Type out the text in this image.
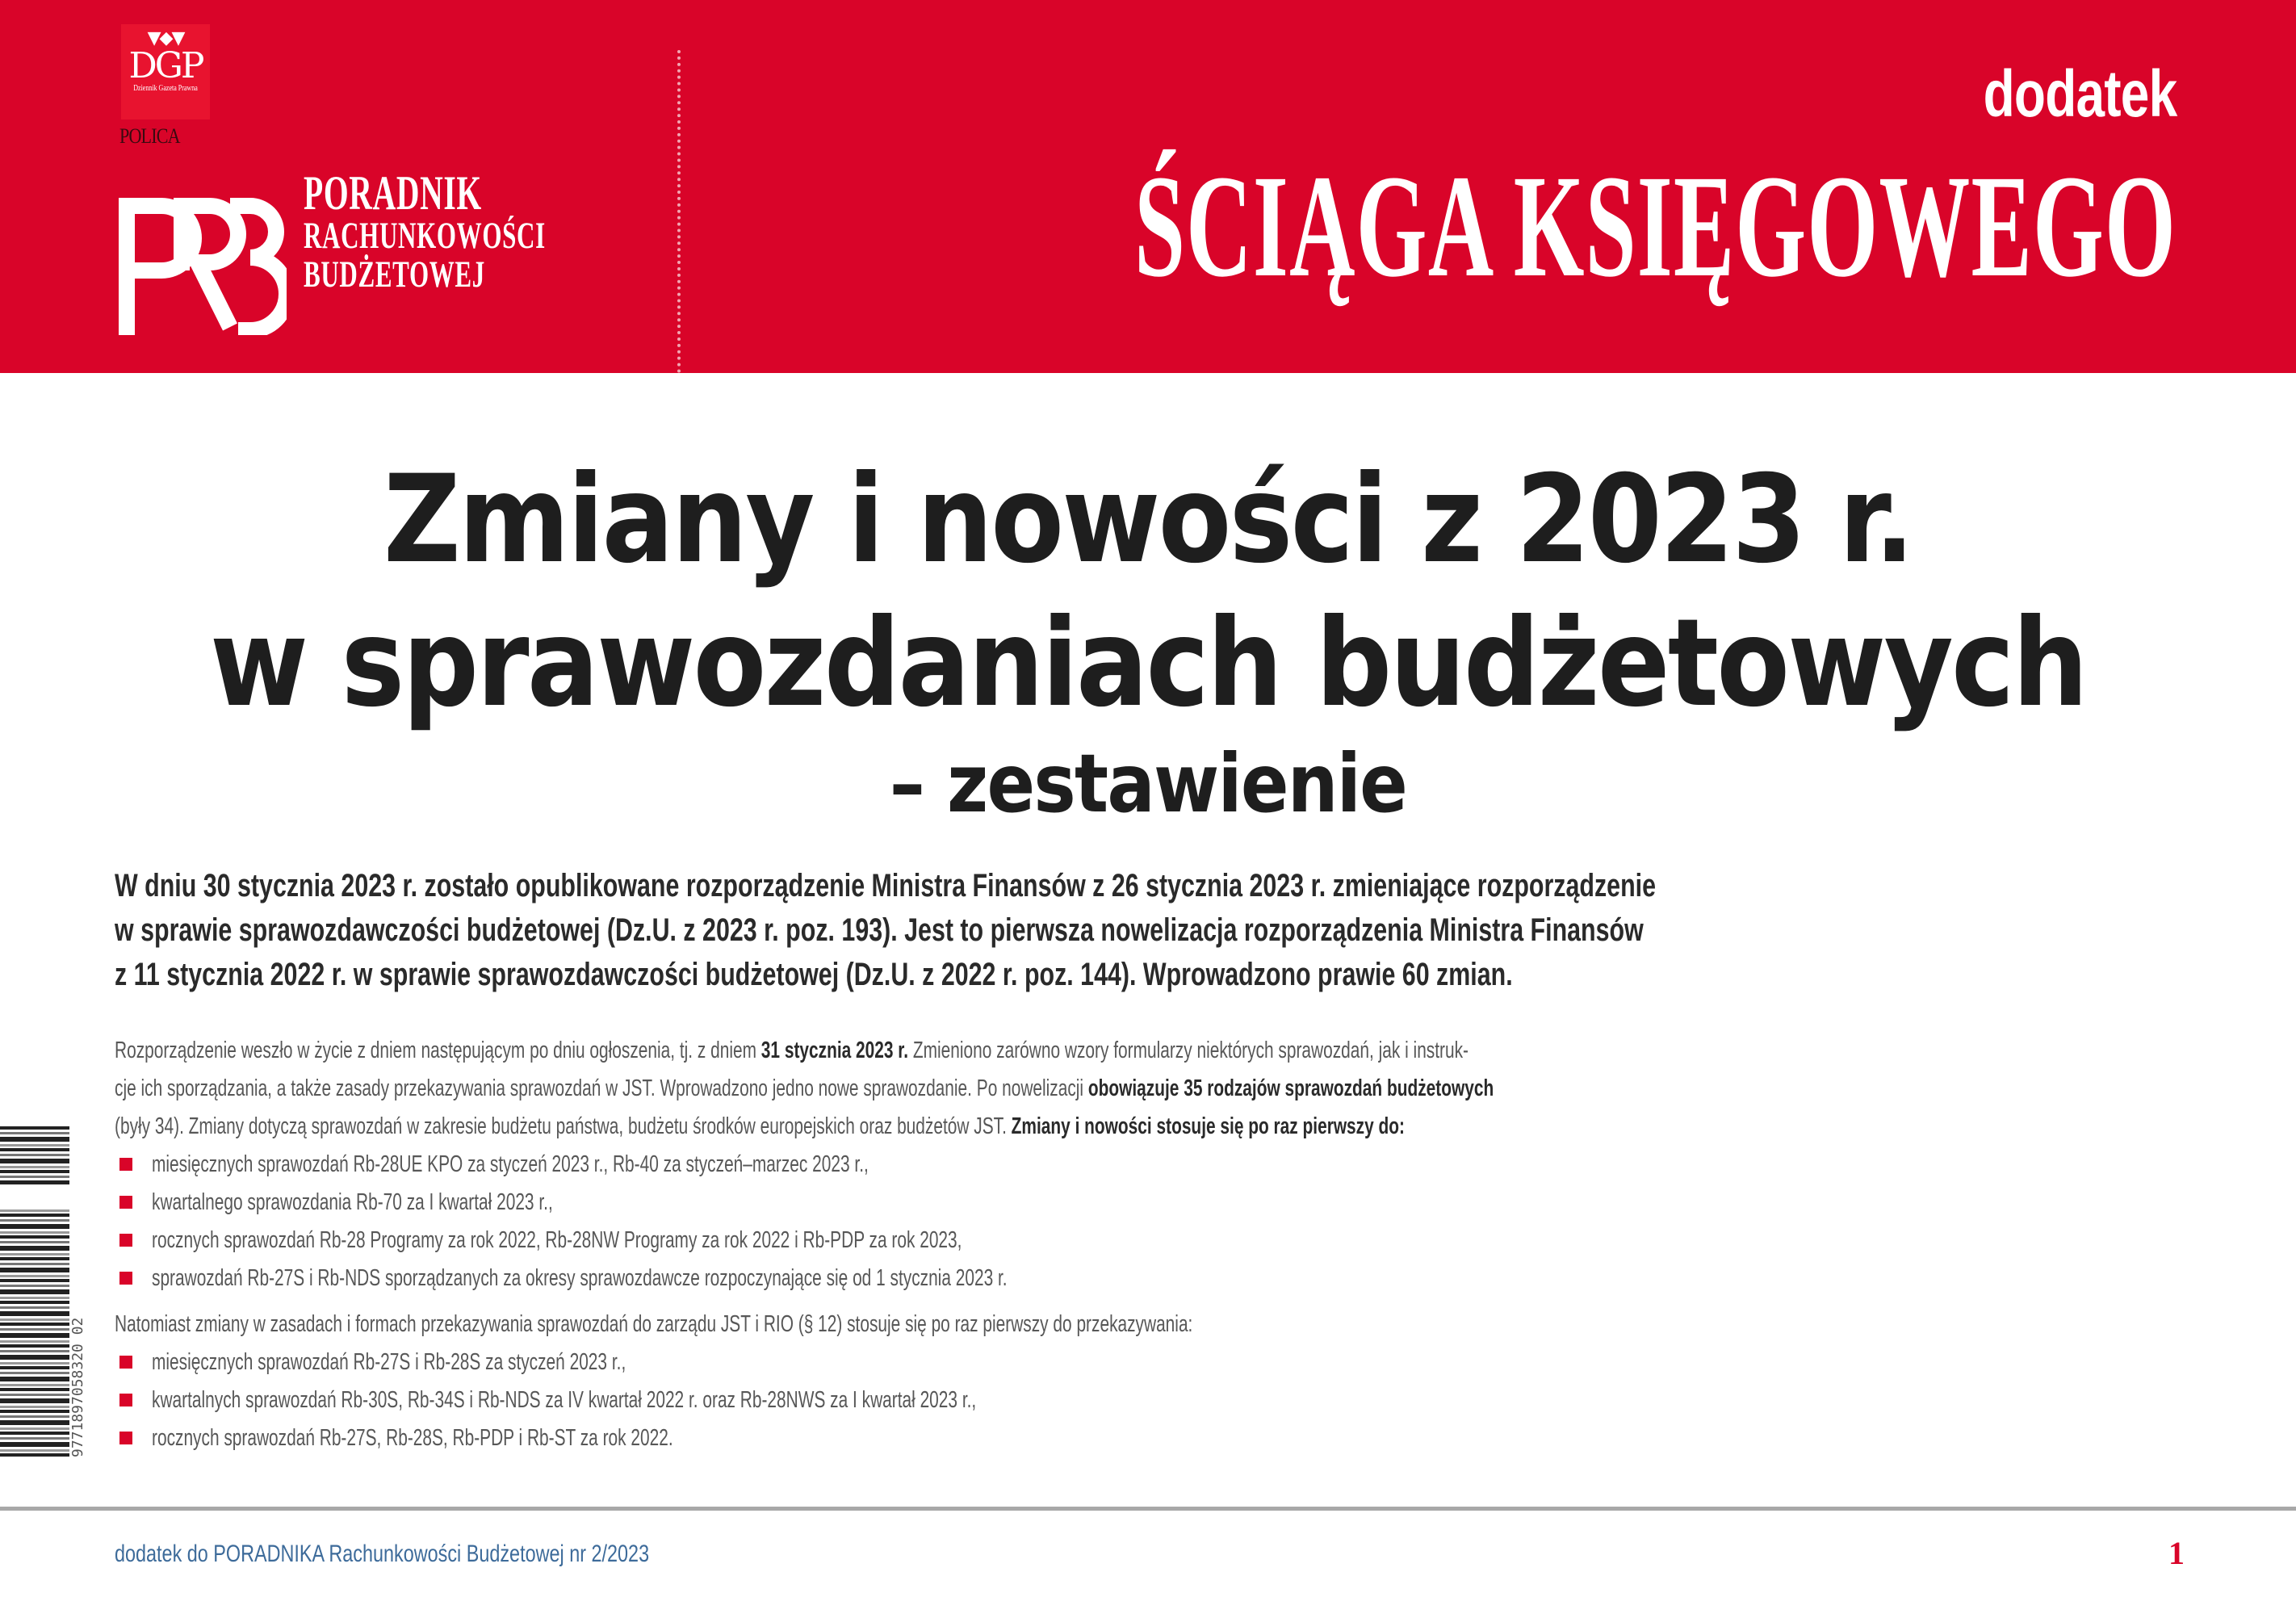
▼◆▼
DGP
Dziennik Gazeta Prawna
POLICA
PORADNIK
RACHUNKOWOŚCI
BUDŻETOWEJ
dodatek
ŚCIĄGA KSIĘGOWEGO
Zmiany i nowości z 2023 r.
w sprawozdaniach budżetowych
– zestawienie
W dniu 30 stycznia 2023 r. zostało opublikowane rozporządzenie Ministra Finansów z 26 stycznia 2023 r. zmieniające rozporządzenie
w sprawie sprawozdawczości budżetowej (Dz.U. z 2023 r. poz. 193). Jest to pierwsza nowelizacja rozporządzenia Ministra Finansów
z 11 stycznia 2022 r. w sprawie sprawozdawczości budżetowej (Dz.U. z 2022 r. poz. 144). Wprowadzono prawie 60 zmian.
Rozporządzenie weszło w życie z dniem następującym po dniu ogłoszenia, tj. z dniem 31 stycznia 2023 r. Zmieniono zarówno wzory formularzy niektórych sprawozdań, jak i instruk-
cje ich sporządzania, a także zasady przekazywania sprawozdań w JST. Wprowadzono jedno nowe sprawozdanie. Po nowelizacji obowiązuje 35 rodzajów sprawozdań budżetowych
(były 34). Zmiany dotyczą sprawozdań w zakresie budżetu państwa, budżetu środków europejskich oraz budżetów JST. Zmiany i nowości stosuje się po raz pierwszy do:
miesięcznych sprawozdań Rb-28UE KPO za styczeń 2023 r., Rb-40 za styczeń–marzec 2023 r.,
kwartalnego sprawozdania Rb-70 za I kwartał 2023 r.,
rocznych sprawozdań Rb-28 Programy za rok 2022, Rb-28NW Programy za rok 2022 i Rb-PDP za rok 2023,
sprawozdań Rb-27S i Rb-NDS sporządzanych za okresy sprawozdawcze rozpoczynające się od 1 stycznia 2023 r.
Natomiast zmiany w zasadach i formach przekazywania sprawozdań do zarządu JST i RIO (§ 12) stosuje się po raz pierwszy do przekazywania:
miesięcznych sprawozdań Rb-27S i Rb-28S za styczeń 2023 r.,
kwartalnych sprawozdań Rb-30S, Rb-34S i Rb-NDS za IV kwartał 2022 r. oraz Rb-28NWS za I kwartał 2023 r.,
rocznych sprawozdań Rb-27S, Rb-28S, Rb-PDP i Rb-ST za rok 2022.
9771897058320 02
dodatek do PORADNIKA Rachunkowości Budżetowej nr 2/2023	1
